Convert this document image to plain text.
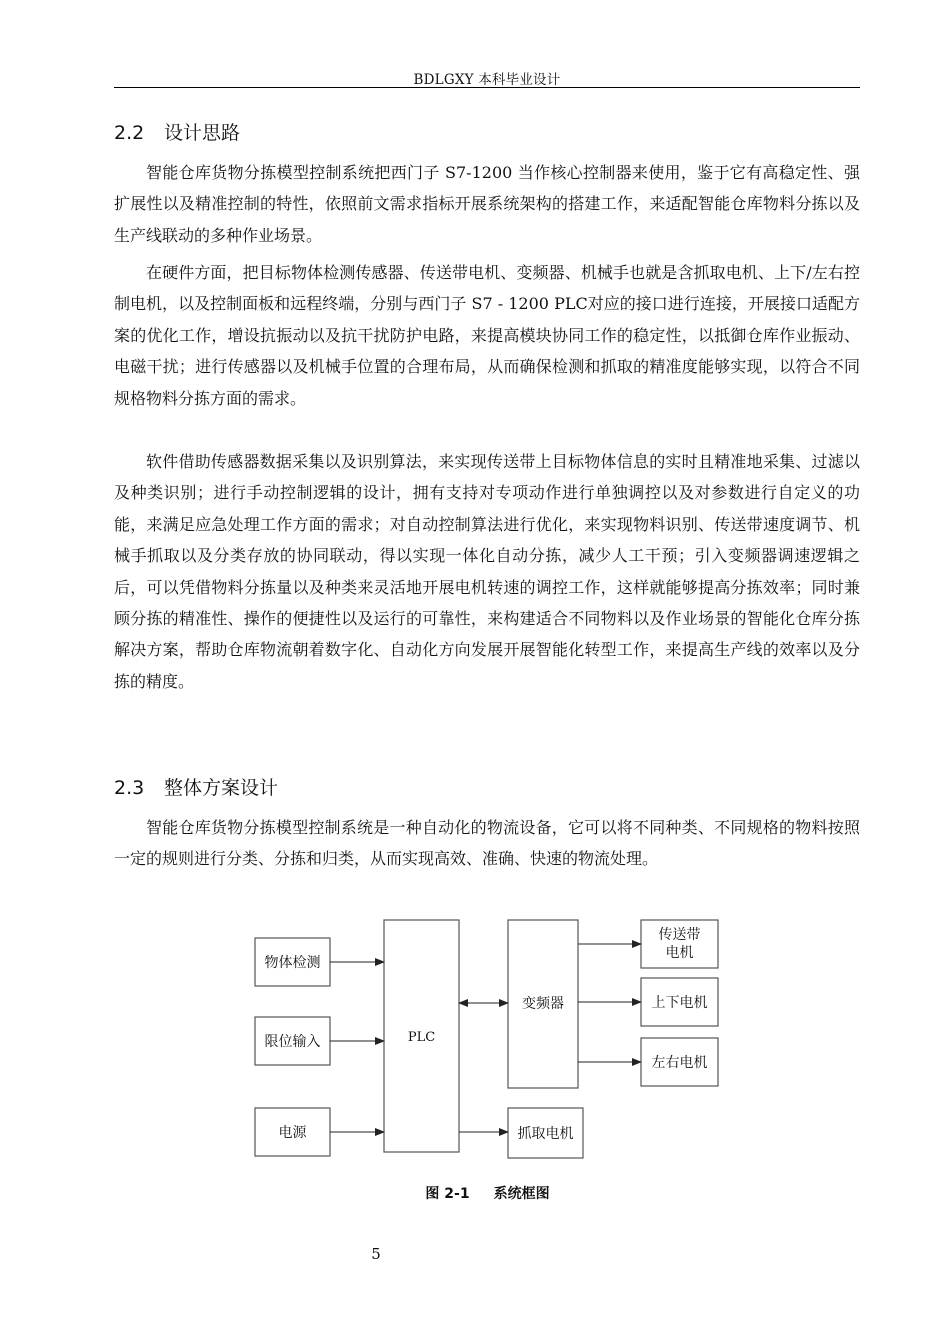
BDLGXY 本科毕业设计
2.2 设计思路

智能仓库货物分拣模型控制系统把西门子 S7-1200 当作核心控制器来使用，鉴于它有高稳定性、强扩展性以及精准控制的特性，依照前文需求指标开展系统架构的搭建工作，来适配智能仓库物料分拣以及生产线联动的多种作业场景。

在硬件方面，把目标物体检测传感器、传送带电机、变频器、机械手也就是含抓取电机、上下/左右控制电机，以及控制面板和远程终端，分别与西门子 S7 - 1200 PLC对应的接口进行连接，开展接口适配方案的优化工作，增设抗振动以及抗干扰防护电路，来提高模块协同工作的稳定性，以抵御仓库作业振动、电磁干扰；进行传感器以及机械手位置的合理布局，从而确保检测和抓取的精准度能够实现，以符合不同规格物料分拣方面的需求。

软件借助传感器数据采集以及识别算法，来实现传送带上目标物体信息的实时且精准地采集、过滤以及种类识别；进行手动控制逻辑的设计，拥有支持对专项动作进行单独调控以及对参数进行自定义的功能，来满足应急处理工作方面的需求；对自动控制算法进行优化，来实现物料识别、传送带速度调节、机械手抓取以及分类存放的协同联动，得以实现一体化自动分拣，减少人工干预；引入变频器调速逻辑之后，可以凭借物料分拣量以及种类来灵活地开展电机转速的调控工作，这样就能够提高分拣效率；同时兼顾分拣的精准性、操作的便捷性以及运行的可靠性，来构建适合不同物料以及作业场景的智能化仓库分拣解决方案，帮助仓库物流朝着数字化、自动化方向发展开展智能化转型工作，来提高生产线的效率以及分拣的精度。

2.3 整体方案设计

智能仓库货物分拣模型控制系统是一种自动化的物流设备，它可以将不同种类、不同规格的物料按照一定的规则进行分类、分拣和归类，从而实现高效、准确、快速的物流处理。

物体检测
限位输入
电源
PLC
变频器
抓取电机
传送带
电机
上下电机
左右电机
图 2-1 系统框图
5
